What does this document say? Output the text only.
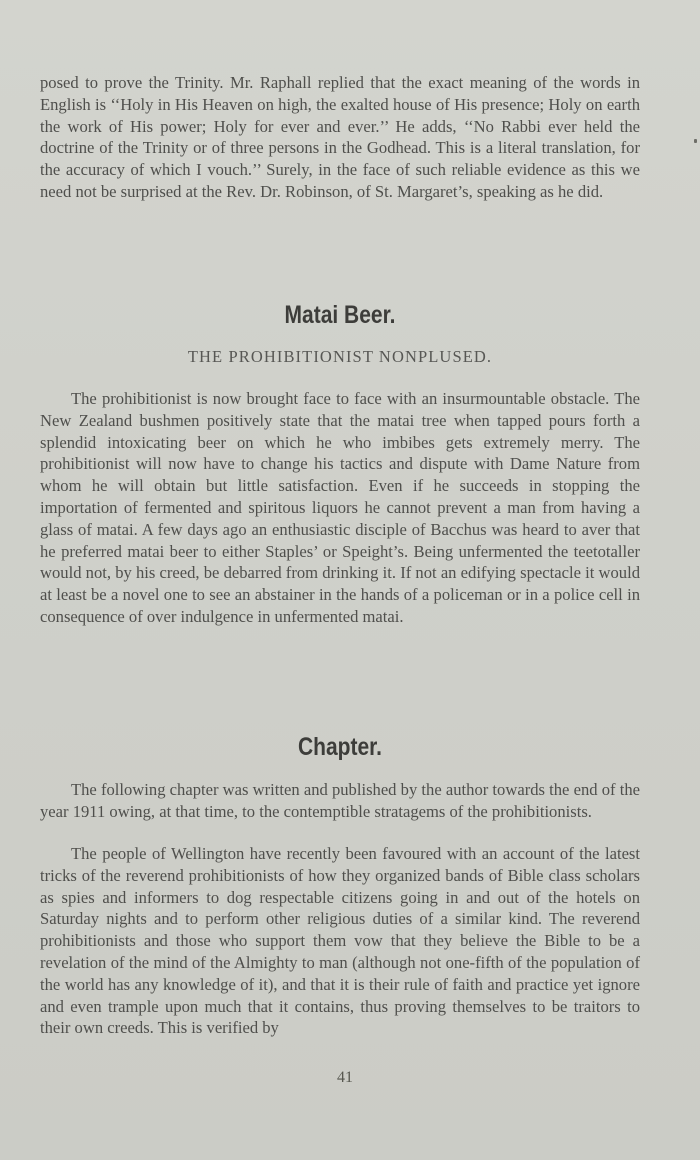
posed to prove the Trinity. Mr. Raphall replied that the exact meaning of the words in English is ‘‘Holy in His Heaven on high, the exalted house of His presence; Holy on earth the work of His power; Holy for ever and ever.’’ He adds, ‘‘No Rabbi ever held the doctrine of the Trinity or of three persons in the Godhead. This is a literal translation, for the accuracy of which I vouch.’’ Surely, in the face of such reliable evidence as this we need not be surprised at the Rev. Dr. Robinson, of St. Margaret’s, speaking as he did.

Matai Beer.
THE PROHIBITIONIST NONPLUSED.

The prohibitionist is now brought face to face with an insurmountable obstacle. The New Zealand bushmen positively state that the matai tree when tapped pours forth a splendid intoxicating beer on which he who imbibes gets extremely merry. The prohibitionist will now have to change his tactics and dispute with Dame Nature from whom he will obtain but little satisfaction. Even if he succeeds in stopping the importation of fermented and spiritous liquors he cannot prevent a man from having a glass of matai. A few days ago an enthusiastic disciple of Bacchus was heard to aver that he preferred matai beer to either Staples’ or Speight’s. Being unfermented the teetotaller would not, by his creed, be debarred from drinking it. If not an edifying spectacle it would at least be a novel one to see an abstainer in the hands of a policeman or in a police cell in consequence of over indulgence in unfermented matai.

Chapter.

The following chapter was written and published by the author towards the end of the year 1911 owing, at that time, to the contemptible stratagems of the prohibitionists.

The people of Wellington have recently been favoured with an account of the latest tricks of the reverend prohibitionists of how they organized bands of Bible class scholars as spies and informers to dog respectable citizens going in and out of the hotels on Saturday nights and to perform other religious duties of a similar kind. The reverend prohibitionists and those who support them vow that they believe the Bible to be a revelation of the mind of the Almighty to man (although not one-fifth of the population of the world has any knowledge of it), and that it is their rule of faith and practice yet ignore and even trample upon much that it contains, thus proving themselves to be traitors to their own creeds. This is verified by

41
